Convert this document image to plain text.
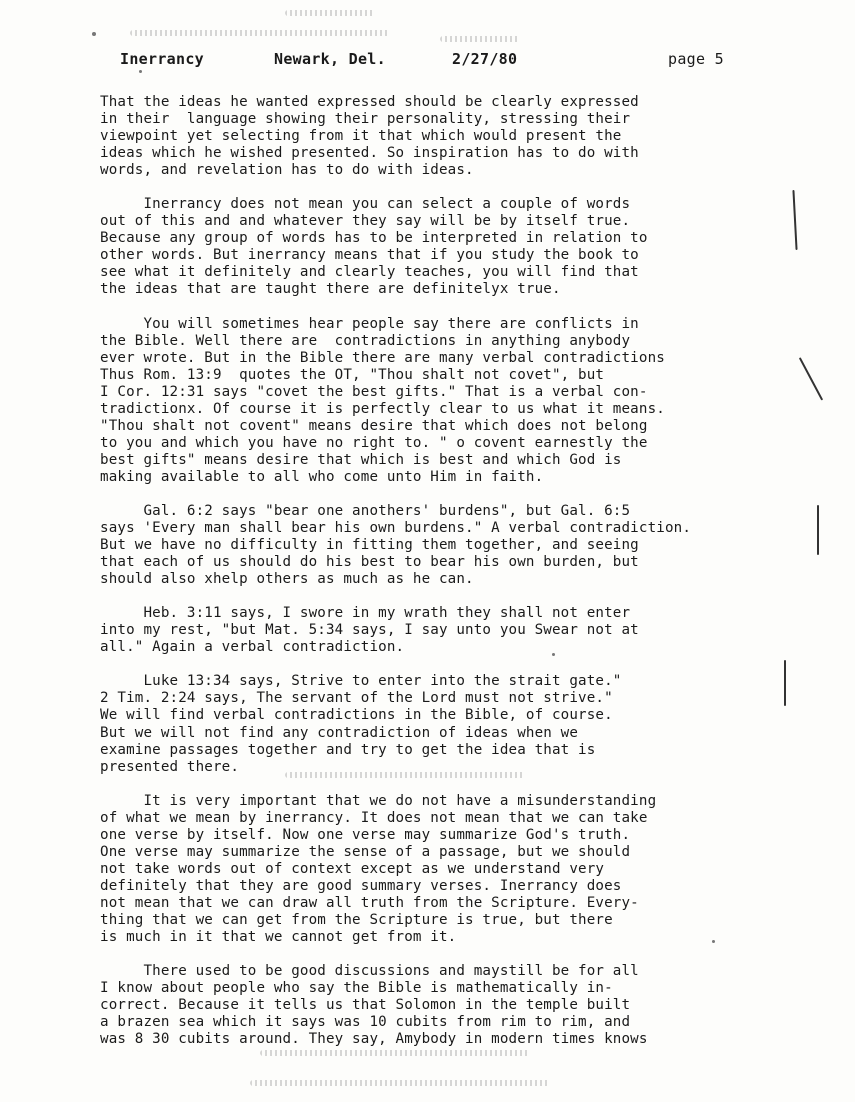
Inerrancy	Newark, Del.	2/27/80	page 5

That the ideas he wanted expressed should be clearly expressed
in their  language showing their personality, stressing their
viewpoint yet selecting from it that which would present the
ideas which he wished presented. So inspiration has to do with
words, and revelation has to do with ideas.

Inerrancy does not mean you can select a couple of words
out of this and and whatever they say will be by itself true.
Because any group of words has to be interpreted in relation to
other words. But inerrancy means that if you study the book to
see what it definitely and clearly teaches, you will find that
the ideas that are taught there are definitelyx true.

You will sometimes hear people say there are conflicts in
the Bible. Well there are  contradictions in anything anybody
ever wrote. But in the Bible there are many verbal contradictions
Thus Rom. 13:9  quotes the OT, "Thou shalt not covet", but
I Cor. 12:31 says "covet the best gifts." That is a verbal con-
tradictionx. Of course it is perfectly clear to us what it means.
"Thou shalt not covent" means desire that which does not belong
to you and which you have no right to. " o covent earnestly the
best gifts" means desire that which is best and which God is
making available to all who come unto Him in faith.

Gal. 6:2 says "bear one anothers' burdens", but Gal. 6:5
says 'Every man shall bear his own burdens." A verbal contradiction.
But we have no difficulty in fitting them together, and seeing
that each of us should do his best to bear his own burden, but
should also xhelp others as much as he can.

Heb. 3:11 says, I swore in my wrath they shall not enter
into my rest, "but Mat. 5:34 says, I say unto you Swear not at
all." Again a verbal contradiction.

Luke 13:34 says, Strive to enter into the strait gate."
2 Tim. 2:24 says, The servant of the Lord must not strive."
We will find verbal contradictions in the Bible, of course.
But we will not find any contradiction of ideas when we
examine passages together and try to get the idea that is
presented there.

It is very important that we do not have a misunderstanding
of what we mean by inerrancy. It does not mean that we can take
one verse by itself. Now one verse may summarize God's truth.
One verse may summarize the sense of a passage, but we should
not take words out of context except as we understand very
definitely that they are good summary verses. Inerrancy does
not mean that we can draw all truth from the Scripture. Every-
thing that we can get from the Scripture is true, but there
is much in it that we cannot get from it.

There used to be good discussions and maystill be for all
I know about people who say the Bible is mathematically in-
correct. Because it tells us that Solomon in the temple built
a brazen sea which it says was 10 cubits from rim to rim, and
was 8 30 cubits around. They say, Amybody in modern times knows
